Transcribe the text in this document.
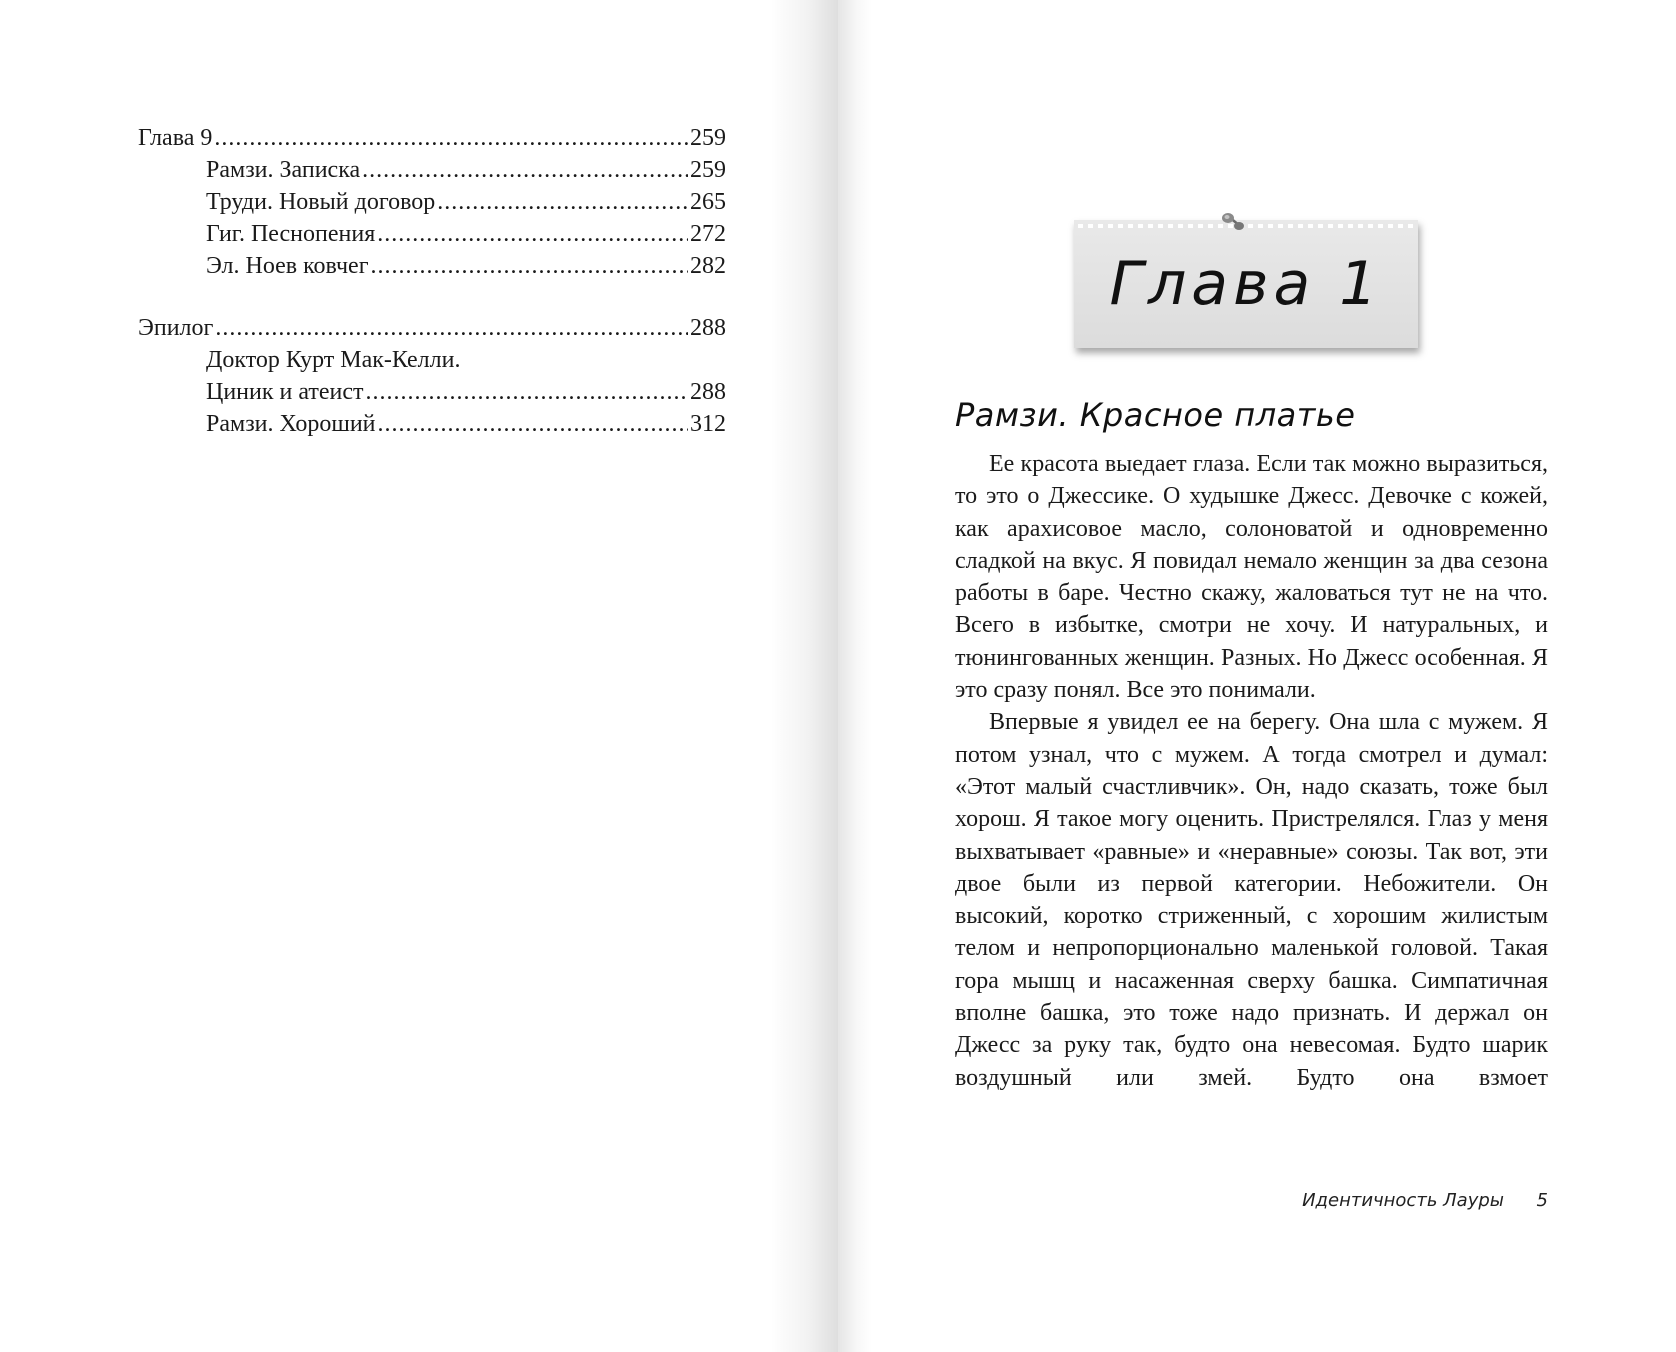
Глава 9 .....	259
Рамзи. Записка .....	259
Труди. Новый договор .....	265
Гиг. Песнопения .....	272
Эл. Ноев ковчег .....	282
Эпилог .....	288
Доктор Курт Мак-Келли.
Циник и атеист .....	288
Рамзи. Хороший .....	312
Глава 1
Рамзи. Красное платье

Ее красота выедает глаза. Если так можно выразиться, то это о Джессике. О худышке Джесс. Девочке с кожей, как арахисовое масло, солоноватой и одновременно сладкой на вкус. Я повидал немало женщин за два сезона работы в баре. Честно скажу, жаловаться тут не на что. Всего в избытке, смотри не хочу. И натуральных, и тюнингованных женщин. Разных. Но Джесс особенная. Я это сразу понял. Все это понимали.

Впервые я увидел ее на берегу. Она шла с мужем. Я потом узнал, что с мужем. А тогда смотрел и думал: «Этот малый счастливчик». Он, надо сказать, тоже был хорош. Я такое могу оценить. Пристрелялся. Глаз у меня выхватывает «равные» и «неравные» союзы. Так вот, эти двое были из первой категории. Небожители. Он высокий, коротко стриженный, с хорошим жилистым телом и непропорционально маленькой головой. Такая гора мышц и насаженная сверху башка. Симпатичная вполне башка, это тоже надо признать. И держал он Джесс за руку так, будто она невесомая. Будто шарик воздушный или змей. Будто она взмоет

Идентичность Лауры 5
